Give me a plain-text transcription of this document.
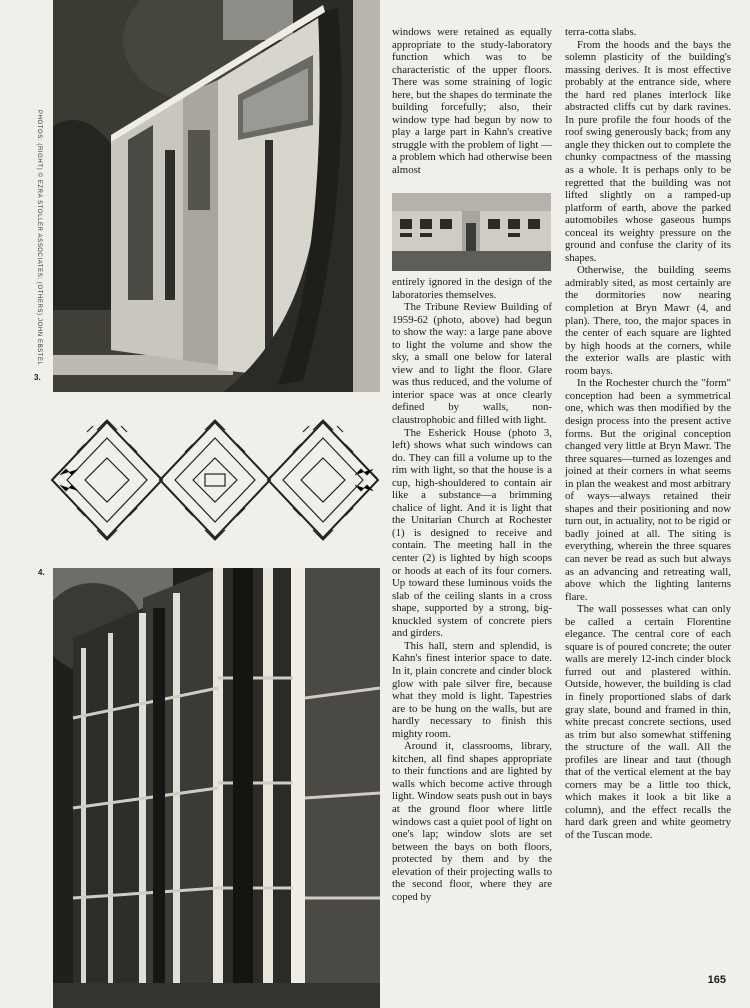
PHOTOS: (RIGHT) © EZRA STOLLER ASSOCIATES; (OTHERS) JOHN EBSTEL
3.
4.

windows were retained as equally appropriate to the study-laboratory function which was to be characteristic of the upper floors. There was some straining of logic here, but the shapes do terminate the building forcefully; also, their window type had begun by now to play a large part in Kahn's creative struggle with the problem of light — a problem which had otherwise been almost

entirely ignored in the design of the laboratories themselves.

The Tribune Review Building of 1959-62 (photo, above) had begun to show the way: a large pane above to light the volume and show the sky, a small one below for lateral view and to light the floor. Glare was thus reduced, and the volume of interior space was at once clearly defined by walls, non-claustrophobic and filled with light.

The Esherick House (photo 3, left) shows what such windows can do. They can fill a volume up to the rim with light, so that the house is a cup, high-shouldered to contain air like a substance—a brimming chalice of light. And it is light that the Unitarian Church at Rochester (1) is designed to receive and contain. The meeting hall in the center (2) is lighted by high scoops or hoods at each of its four corners. Up toward these luminous voids the slab of the ceiling slants in a cross shape, supported by a strong, big-knuckled system of concrete piers and girders.

This hall, stern and splendid, is Kahn's finest interior space to date. In it, plain concrete and cinder block glow with pale silver fire, because what they mold is light. Tapestries are to be hung on the walls, but are hardly necessary to finish this mighty room.

Around it, classrooms, library, kitchen, all find shapes appropriate to their functions and are lighted by walls which become active through light. Window seats push out in bays at the ground floor where little windows cast a quiet pool of light on one's lap; window slots are set between the bays on both floors, protected by them and by the elevation of their projecting walls to the second floor, where they are coped by

terra-cotta slabs.

From the hoods and the bays the solemn plasticity of the building's massing derives. It is most effective probably at the entrance side, where the hard red planes interlock like abstracted cliffs cut by dark ravines. In pure profile the four hoods of the roof swing generously back; from any angle they thicken out to complete the chunky compactness of the massing as a whole. It is perhaps only to be regretted that the building was not lifted slightly on a ramped-up platform of earth, above the parked automobiles whose gaseous humps conceal its weighty pressure on the ground and confuse the clarity of its shapes.

Otherwise, the building seems admirably sited, as most certainly are the dormitories now nearing completion at Bryn Mawr (4, and plan). There, too, the major spaces in the center of each square are lighted by high hoods at the corners, while the exterior walls are plastic with room bays.

In the Rochester church the "form" conception had been a symmetrical one, which was then modified by the design process into the present active forms. But the original conception changed very little at Bryn Mawr. The three squares—turned as lozenges and joined at their corners in what seems in plan the weakest and most arbitrary of ways—always retained their shapes and their positioning and now turn out, in actuality, not to be rigid or badly joined at all. The siting is everything, wherein the three squares can never be read as such but always as an advancing and retreating wall, above which the lighting lanterns flare.

The wall possesses what can only be called a certain Florentine elegance. The central core of each square is of poured concrete; the outer walls are merely 12-inch cinder block furred out and plastered within. Outside, however, the building is clad in finely proportioned slabs of dark gray slate, bound and framed in thin, white precast concrete sections, used as trim but also somewhat stiffening the structure of the wall. All the profiles are linear and taut (though that of the vertical element at the bay corners may be a little too thick, which makes it look a bit like a column), and the effect recalls the hard dark green and white geometry of the Tuscan mode.

165
